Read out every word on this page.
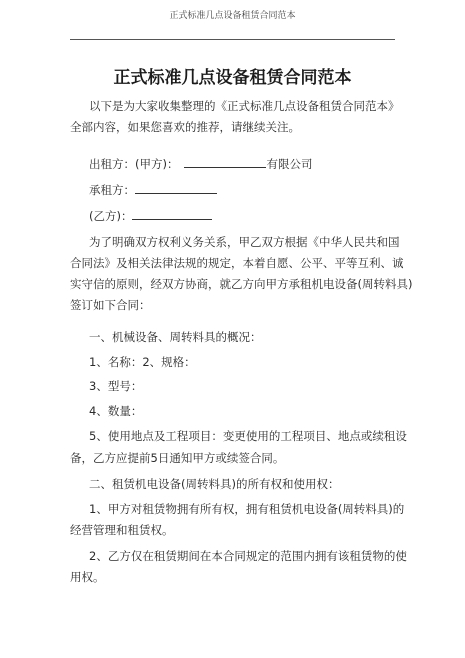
正式标准几点设备租赁合同范本
正式标准几点设备租赁合同范本
以下是为大家收集整理的《正式标准几点设备租赁合同范本》
全部内容，如果您喜欢的推荐，请继续关注。
出租方：(甲方)：	有限公司
承租方：
(乙方)：
为了明确双方权利义务关系，甲乙双方根据《中华人民共和国
合同法》及相关法律法规的规定，本着自愿、公平、平等互利、诚
实守信的原则，经双方协商，就乙方向甲方承租机电设备(周转料具)
签订如下合同：
一、机械设备、周转料具的概况：
1、名称：2、规格：
3、型号：
4、数量：
5、使用地点及工程项目：变更使用的工程项目、地点或续租设
备，乙方应提前5日通知甲方或续签合同。
二、租赁机电设备(周转料具)的所有权和使用权：
1、甲方对租赁物拥有所有权，拥有租赁机电设备(周转料具)的
经营管理和租赁权。
2、乙方仅在租赁期间在本合同规定的范围内拥有该租赁物的使
用权。
